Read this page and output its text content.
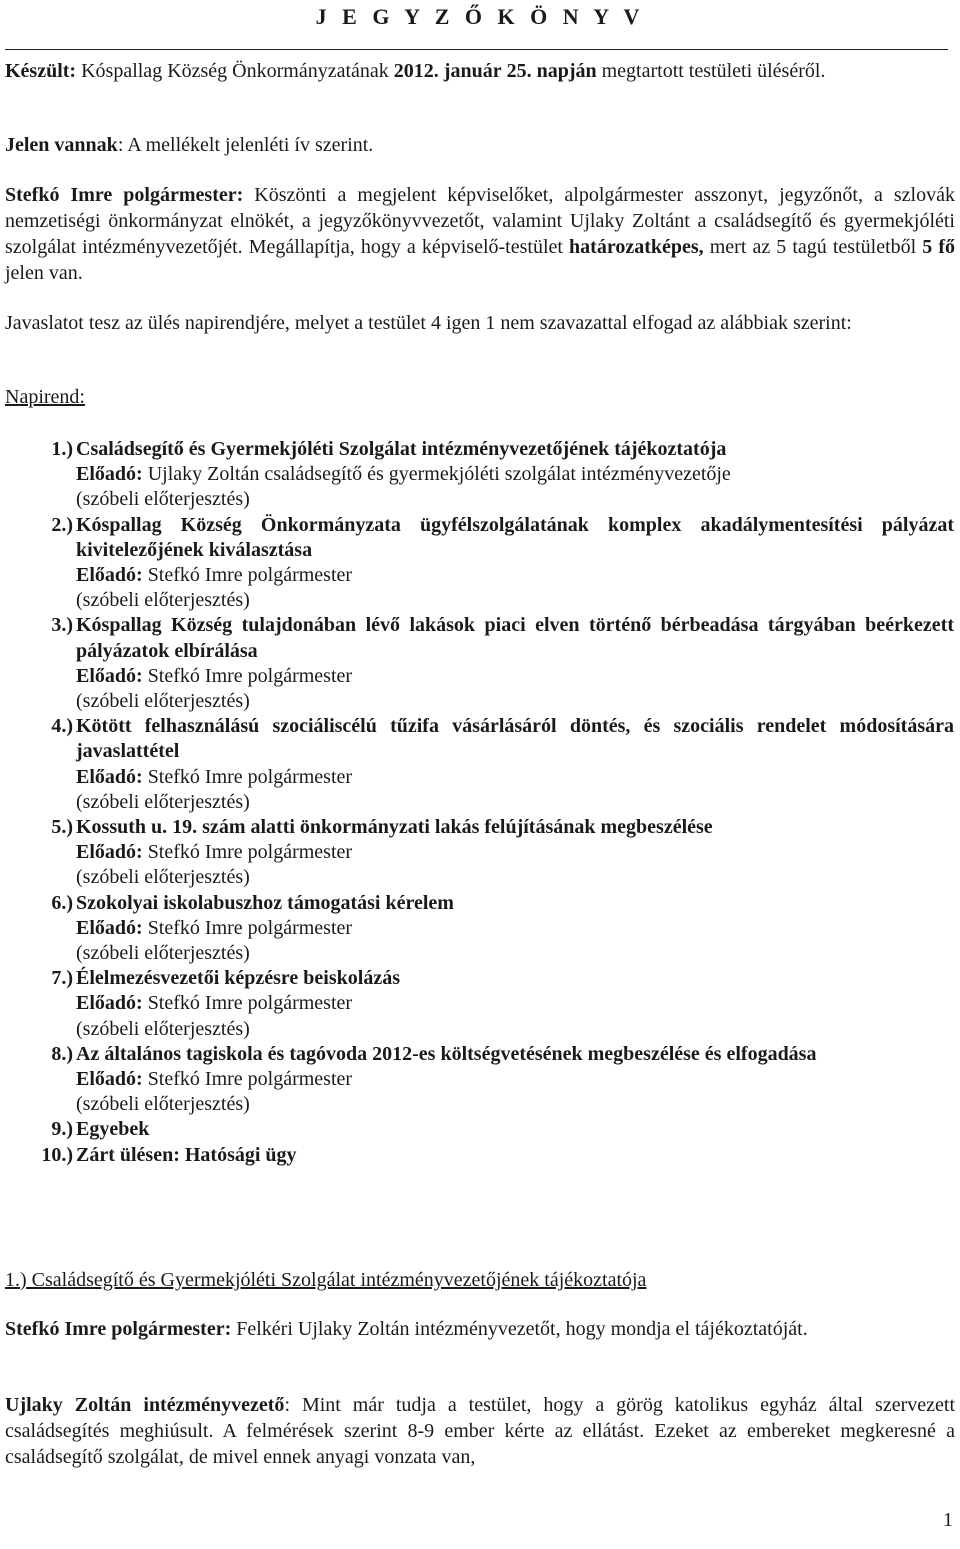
J E G Y Z Ő K Ö N Y V
Készült: Kóspallag Község Önkormányzatának 2012. január 25. napján megtartott testületi üléséről.
Jelen vannak: A mellékelt jelenléti ív szerint.
Stefkó Imre polgármester: Köszönti a megjelent képviselőket, alpolgármester asszonyt, jegyzőnőt, a szlovák nemzetiségi önkormányzat elnökét, a jegyzőkönyvvezetőt, valamint Ujlaky Zoltánt a családsegítő és gyermekjóléti szolgálat intézményvezetőjét. Megállapítja, hogy a képviselő-testület határozatképes, mert az 5 tagú testületből 5 fő jelen van.
Javaslatot tesz az ülés napirendjére, melyet a testület 4 igen 1 nem szavazattal elfogad az alábbiak szerint:
Napirend:
1.) Családsegítő és Gyermekjóléti Szolgálat intézményvezetőjének tájékoztatója
Előadó: Ujlaky Zoltán családsegítő és gyermekjóléti szolgálat intézményvezetője
(szóbeli előterjesztés)
2.) Kóspallag Község Önkormányzata ügyfélszolgálatának komplex akadálymentesítési pályázat kivitelezőjének kiválasztása
Előadó: Stefkó Imre polgármester
(szóbeli előterjesztés)
3.) Kóspallag Község tulajdonában lévő lakások piaci elven történő bérbeadása tárgyában beérkezett pályázatok elbírálása
Előadó: Stefkó Imre polgármester
(szóbeli előterjesztés)
4.) Kötött felhasználású szociáliscélú tűzifa vásárlásáról döntés, és szociális rendelet módosítására javaslattétel
Előadó: Stefkó Imre polgármester
(szóbeli előterjesztés)
5.) Kossuth u. 19. szám alatti önkormányzati lakás felújításának megbeszélése
Előadó: Stefkó Imre polgármester
(szóbeli előterjesztés)
6.) Szokolyai iskolabuszhoz támogatási kérelem
Előadó: Stefkó Imre polgármester
(szóbeli előterjesztés)
7.) Élelmezésvezetői képzésre beiskolázás
Előadó: Stefkó Imre polgármester
(szóbeli előterjesztés)
8.) Az általános tagiskola és tagóvoda 2012-es költségvetésének megbeszélése és elfogadása
Előadó: Stefkó Imre polgármester
(szóbeli előterjesztés)
9.) Egyebek
10.) Zárt ülésen: Hatósági ügy
1.) Családsegítő és Gyermekjóléti Szolgálat intézményvezetőjének tájékoztatója
Stefkó Imre polgármester: Felkéri Ujlaky Zoltán intézményvezetőt, hogy mondja el tájékoztatóját.
Ujlaky Zoltán intézményvezető: Mint már tudja a testület, hogy a görög katolikus egyház által szervezett családsegítés meghiúsult. A felmérések szerint 8-9 ember kérte az ellátást. Ezeket az embereket megkeresné a családsegítő szolgálat, de mivel ennek anyagi vonzata van,
1
